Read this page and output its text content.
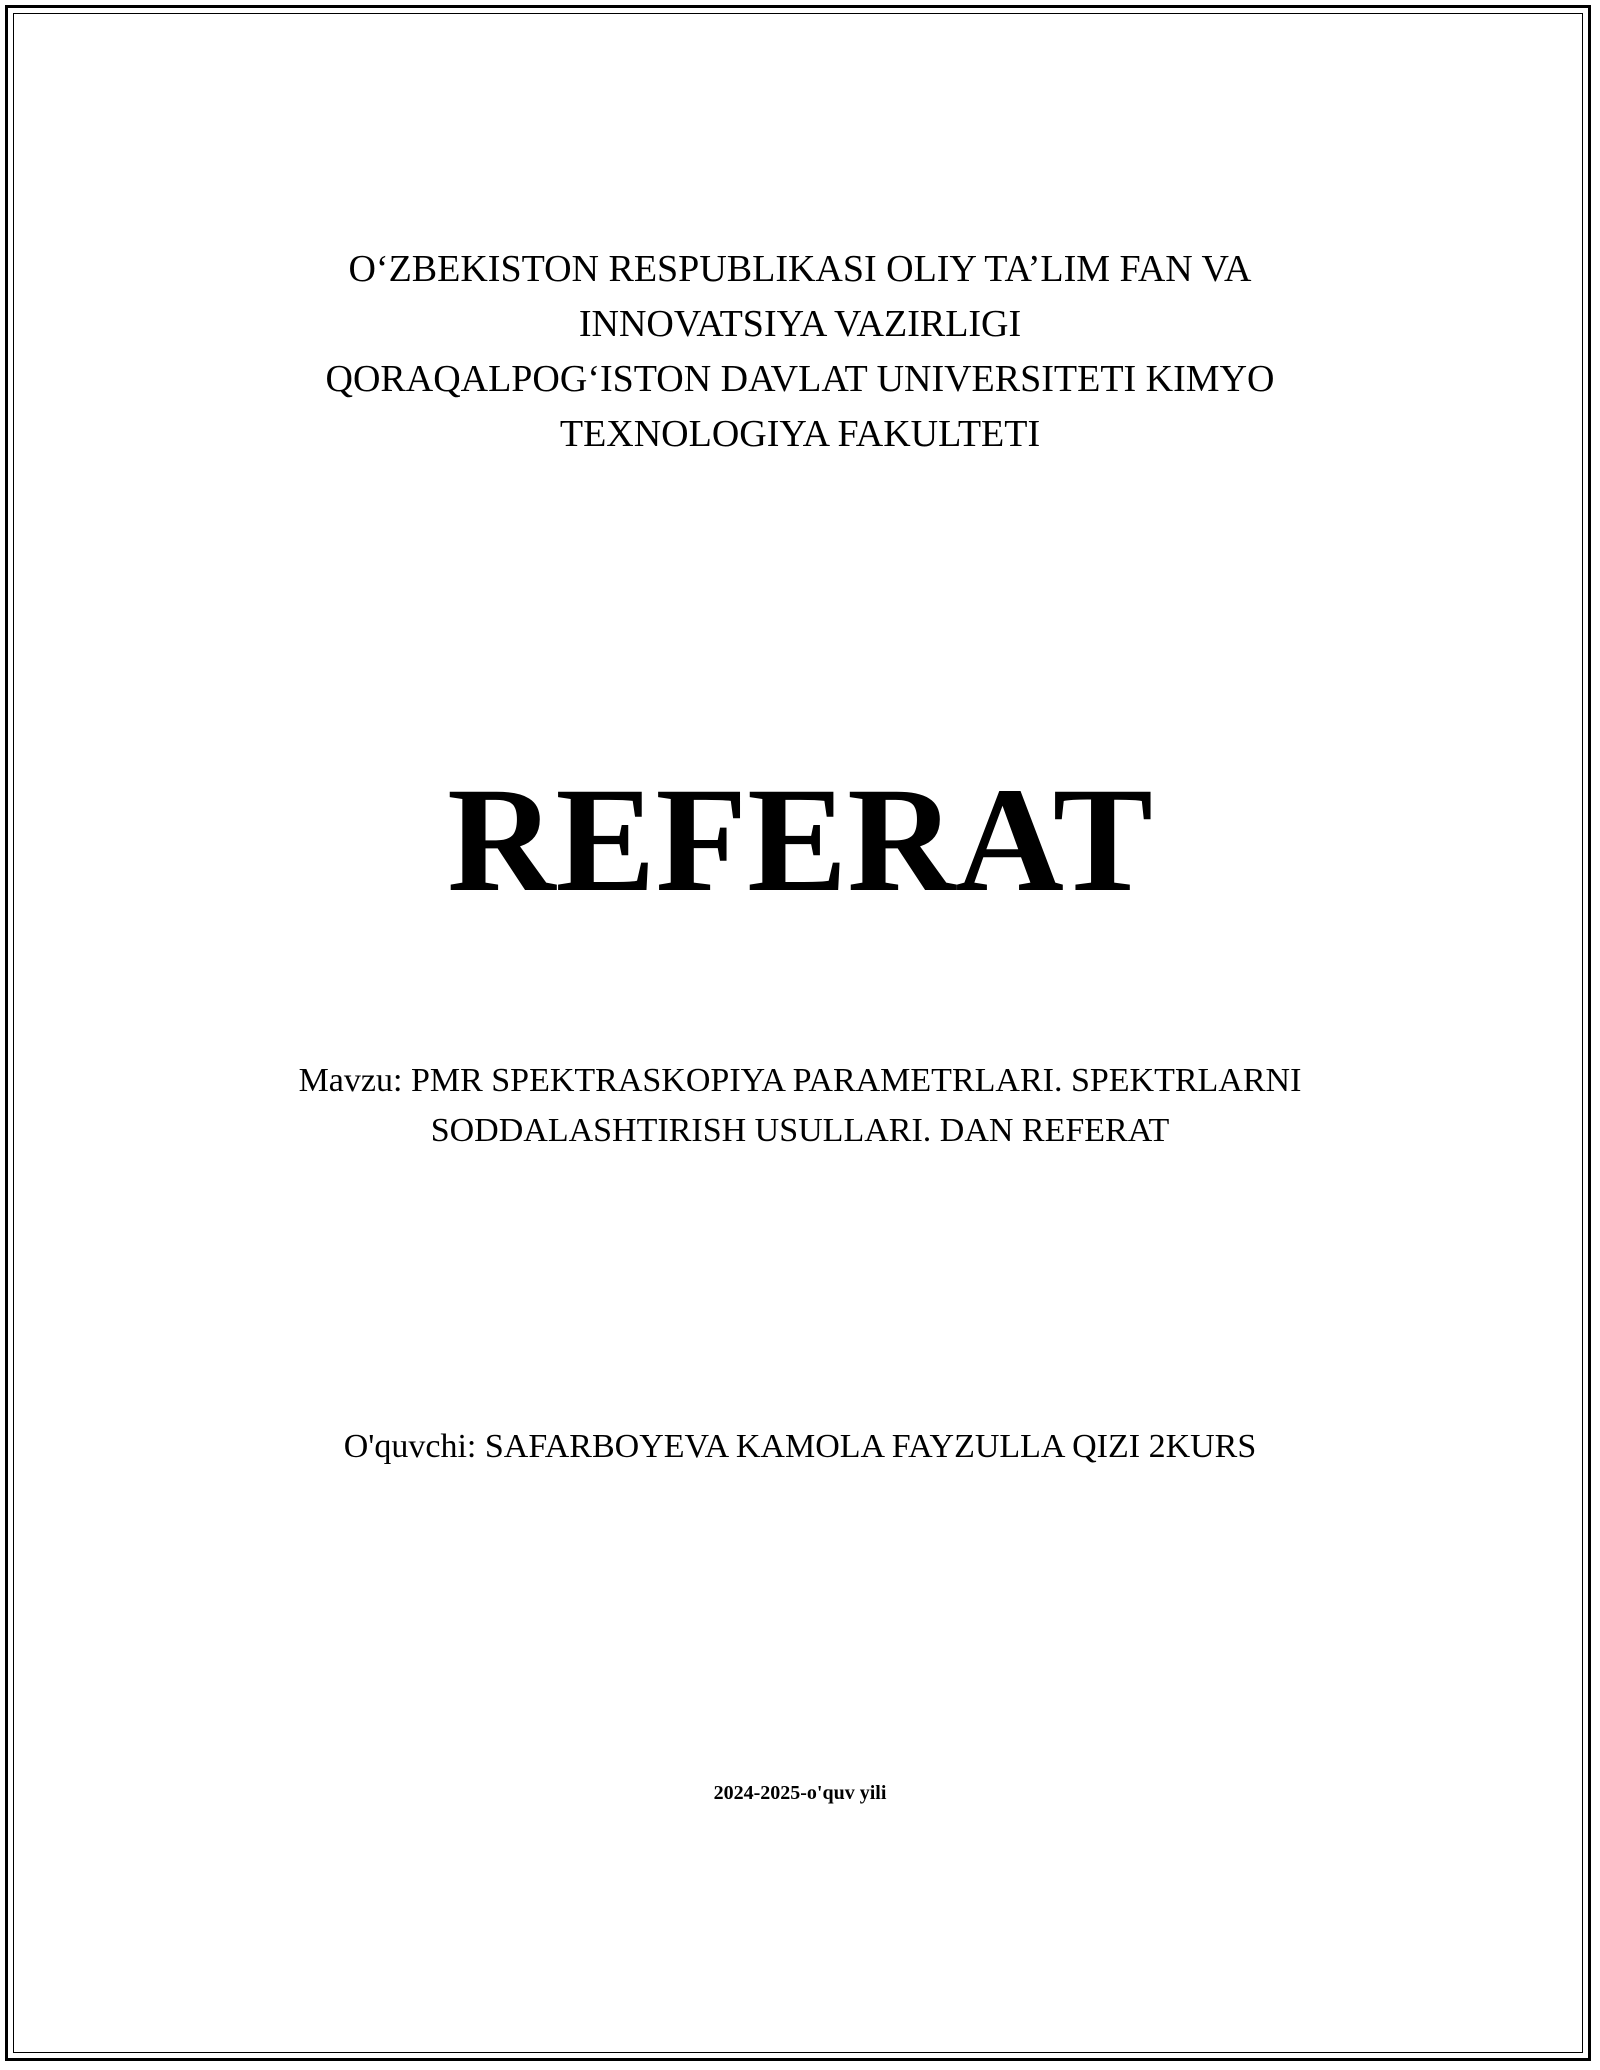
O‘ZBEKISTON RESPUBLIKASI OLIY TA’LIM FAN VA
INNOVATSIYA VAZIRLIGI
QORAQALPOG‘ISTON DAVLAT UNIVERSITETI KIMYO
TEXNOLOGIYA FAKULTETI
REFERAT
Mavzu: PMR SPEKTRASKOPIYA PARAMETRLARI. SPEKTRLARNI
SODDALASHTIRISH USULLARI. DAN REFERAT
O'quvchi: SAFARBOYEVA KAMOLA FAYZULLA QIZI 2KURS
2024-2025-o'quv yili
